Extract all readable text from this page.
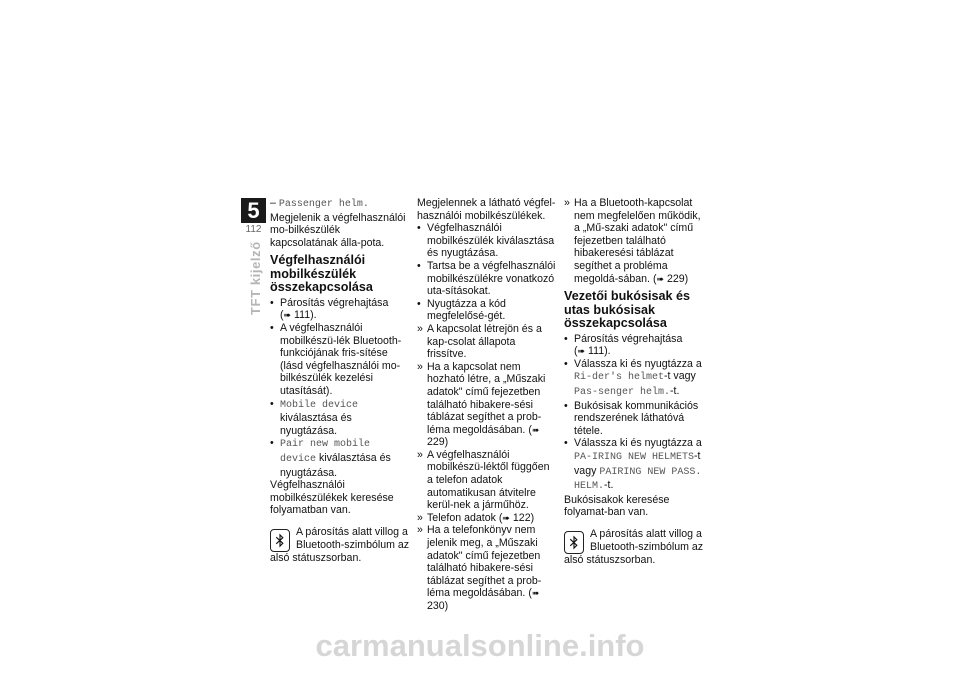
5
112
TFT kijelző

– Passenger helm.

Megjelenik a végfelhasználói mo-bilkészülék kapcsolatának álla-pota.

Végfelhasználói mobilkészülék összekapcsolása
• Párosítás végrehajtása
(➠ 111).
• A végfelhasználói mobilkészü-lék Bluetooth-funkciójának fris-sítése (lásd végfelhasználói mo-bilkészülék kezelési utasítását).
• Mobile device kiválasztása és nyugtázása.
• Pair new mobile device kiválasztása és nyugtázása.

Végfelhasználói mobilkészülékek keresése folyamatban van.

A párosítás alatt villog a
Bluetooth-szimbólum az
alsó státuszsorban.

Megjelennek a látható végfel-használói mobilkészülékek.

• Végfelhasználói mobilkészülék kiválasztása és nyugtázása.
• Tartsa be a végfelhasználói mobilkészülékre vonatkozó uta-sításokat.
• Nyugtázza a kód megfelelősé-gét.
» A kapcsolat létrejön és a kap-csolat állapota frissítve.
» Ha a kapcsolat nem hozható létre, a „Műszaki adatok" című fejezetben található hibakere-sési táblázat segíthet a prob-léma megoldásában. (➠ 229)
» A végfelhasználói mobilkészü-léktől függően a telefon adatok automatikusan átvitelre kerül-nek a járműhöz.
» Telefon adatok (➠ 122)
» Ha a telefonkönyv nem jelenik meg, a „Műszaki adatok" című fejezetben található hibakere-sési táblázat segíthet a prob-léma megoldásában. (➠ 230)
» Ha a Bluetooth-kapcsolat nem megfelelően működik, a „Mű-szaki adatok" című fejezetben található hibakeresési táblázat segíthet a probléma megoldá-sában. (➠ 229)
Vezetői bukósisak és utas bukósisak összekapcsolása
• Párosítás végrehajtása
(➠ 111).
• Válassza ki és nyugtázza a Ri-der's helmet-t vagy Pas-senger helm.-t.
• Bukósisak kommunikációs rendszerének láthatóvá tétele.
• Válassza ki és nyugtázza a PA-IRING NEW HELMETS-t vagy PAIRING NEW PASS. HELM.-t.

Bukósisakok keresése folyamat-ban van.

A párosítás alatt villog a
Bluetooth-szimbólum az
alsó státuszsorban.
carmanualsonline.info
